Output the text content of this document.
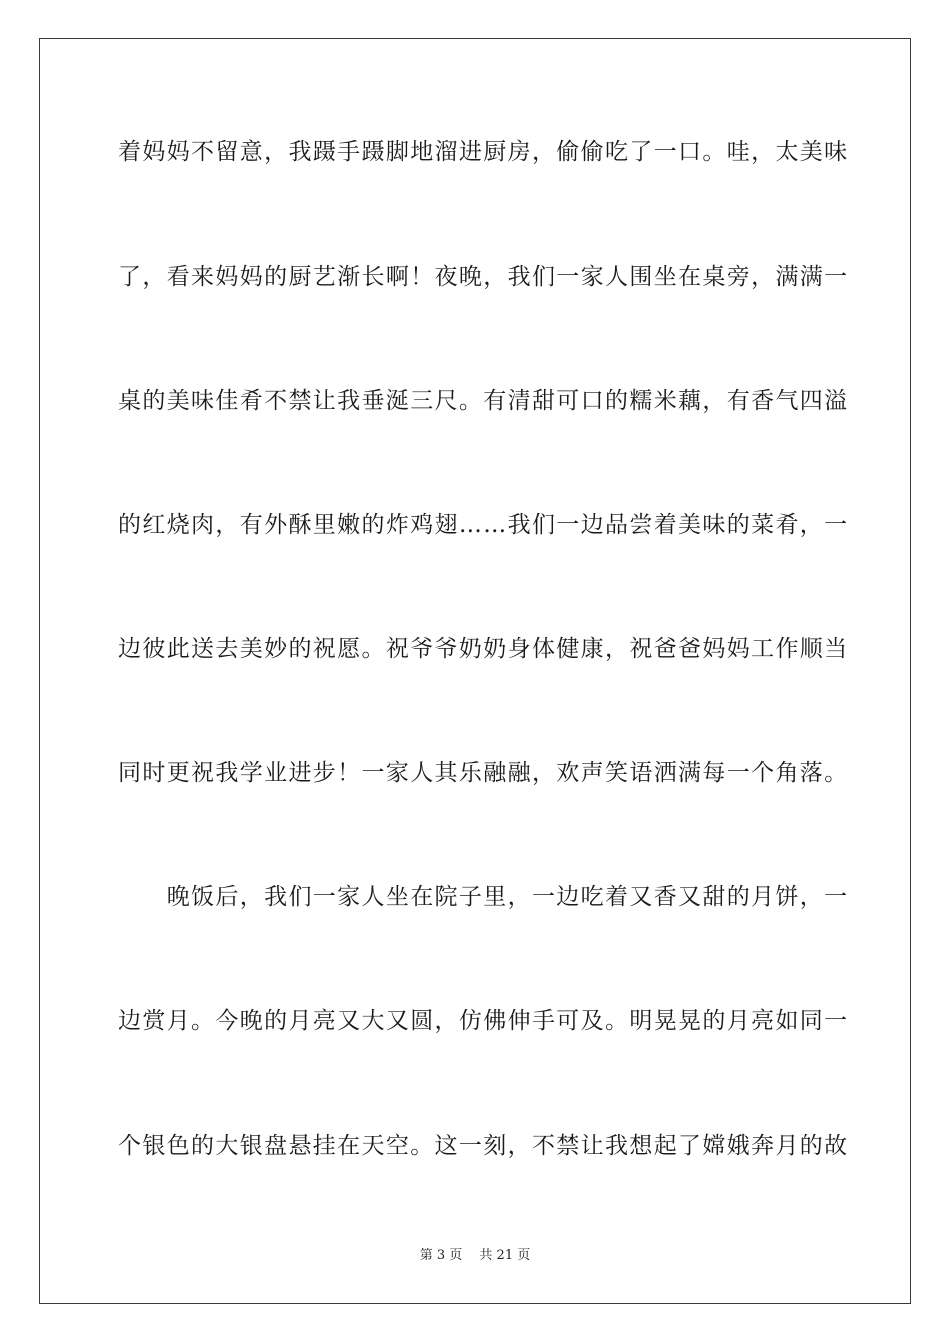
着妈妈不留意，我蹑手蹑脚地溜进厨房，偷偷吃了一口。哇，太美味
了，看来妈妈的厨艺渐长啊！夜晚，我们一家人围坐在桌旁，满满一
桌的美味佳肴不禁让我垂涎三尺。有清甜可口的糯米藕，有香气四溢
的红烧肉，有外酥里嫩的炸鸡翅……我们一边品尝着美味的菜肴，一
边彼此送去美妙的祝愿。祝爷爷奶奶身体健康，祝爸爸妈妈工作顺当
同时更祝我学业进步！一家人其乐融融，欢声笑语洒满每一个角落。
　　晚饭后，我们一家人坐在院子里，一边吃着又香又甜的月饼，一
边赏月。今晚的月亮又大又圆，仿佛伸手可及。明晃晃的月亮如同一
个银色的大银盘悬挂在天空。这一刻，不禁让我想起了嫦娥奔月的故
第 3 页　 共 21 页
